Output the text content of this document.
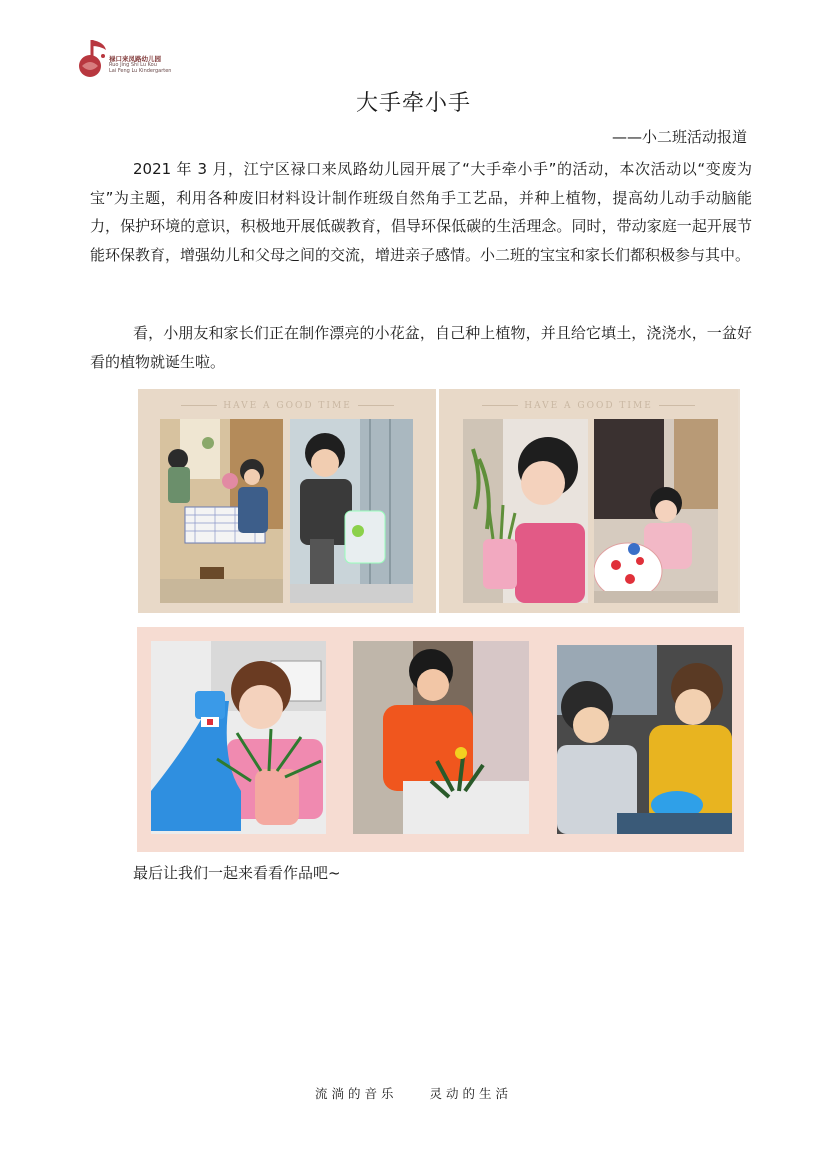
禄口来凤路幼儿园
Ruo Jing Shi Lu Kou
Lai Feng Lu Kindergarten
大手牵小手
——小二班活动报道

2021 年 3 月，江宁区禄口来凤路幼儿园开展了“大手牵小手”的活动，本次活动以“变废为宝”为主题，利用各种废旧材料设计制作班级自然角手工艺品，并种上植物，提高幼儿动手动脑能力，保护环境的意识，积极地开展低碳教育，倡导环保低碳的生活理念。同时，带动家庭一起开展节能环保教育，增强幼儿和父母之间的交流，增进亲子感情。小二班的宝宝和家长们都积极参与其中。

看，小朋友和家长们正在制作漂亮的小花盆，自己种上植物，并且给它填土，浇浇水，一盆好看的植物就诞生啦。

HAVE A GOOD TIME	HAVE A GOOD TIME
最后让我们一起来看看作品吧~
流淌的音乐    灵动的生活
